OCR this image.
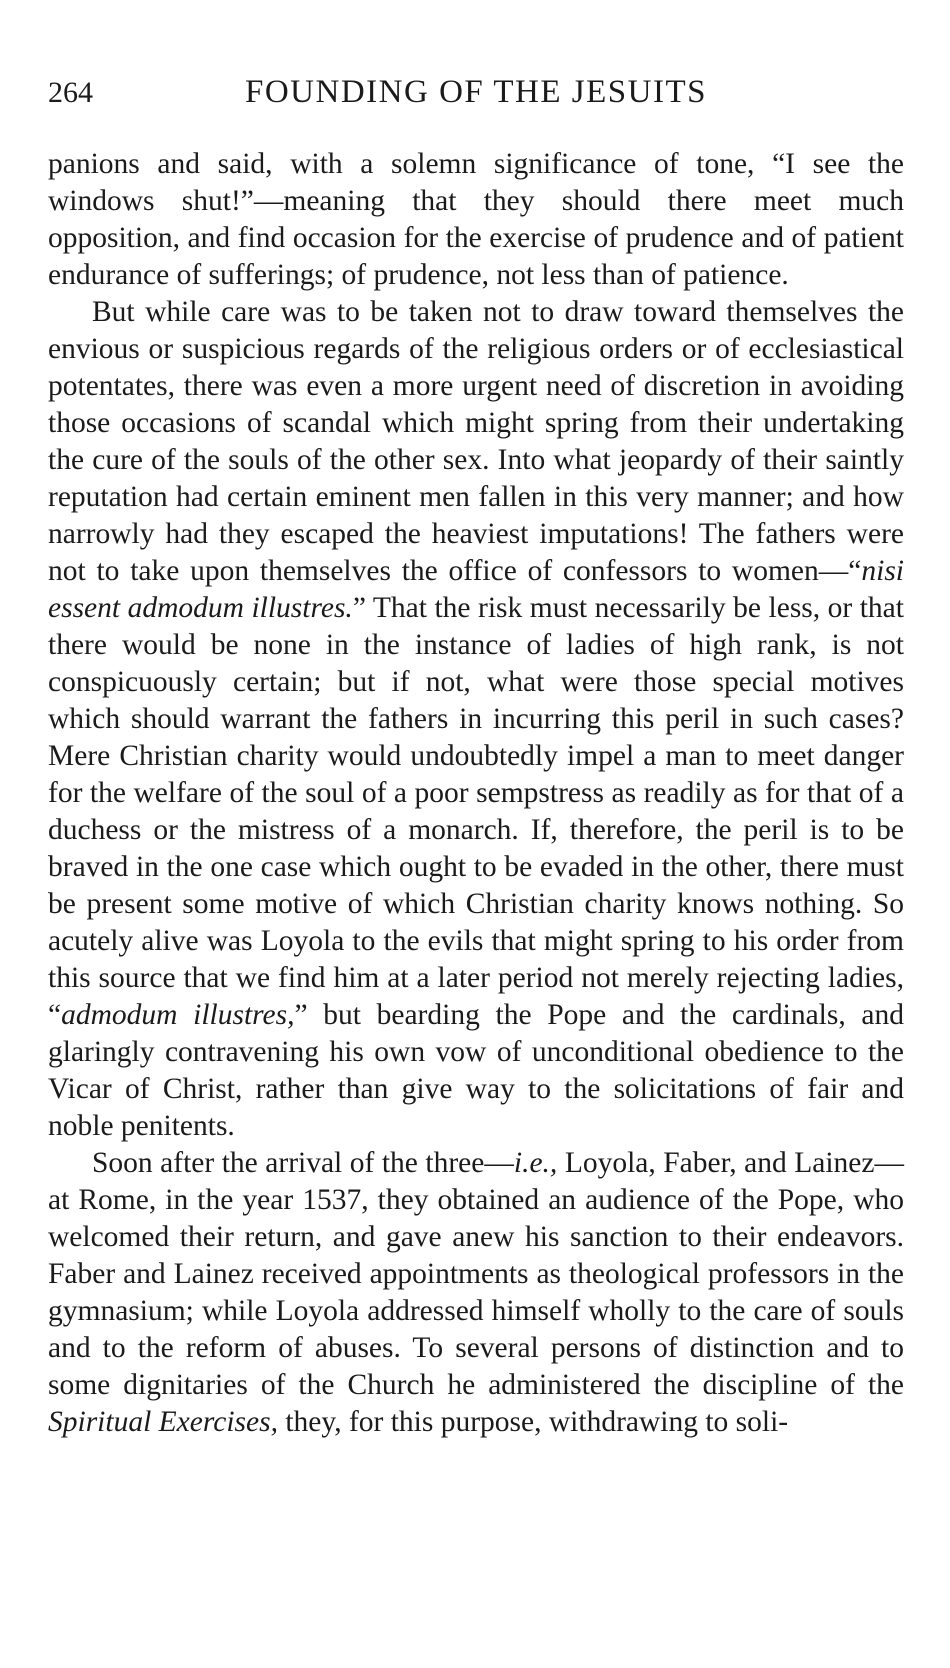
264	FOUNDING OF THE JESUITS

panions and said, with a solemn significance of tone, “I see the windows shut!”—meaning that they should there meet much opposition, and find occasion for the exercise of prudence and of patient endurance of sufferings; of prudence, not less than of patience.

But while care was to be taken not to draw toward themselves the envious or suspicious regards of the religious orders or of ecclesiastical potentates, there was even a more urgent need of discretion in avoiding those occasions of scandal which might spring from their undertaking the cure of the souls of the other sex. Into what jeopardy of their saintly reputation had certain eminent men fallen in this very manner; and how narrowly had they escaped the heaviest imputations! The fathers were not to take upon themselves the office of confessors to women—“nisi essent admodum illustres.” That the risk must necessarily be less, or that there would be none in the instance of ladies of high rank, is not conspicuously certain; but if not, what were those special motives which should warrant the fathers in incurring this peril in such cases? Mere Christian charity would undoubtedly impel a man to meet danger for the welfare of the soul of a poor sempstress as readily as for that of a duchess or the mistress of a monarch. If, therefore, the peril is to be braved in the one case which ought to be evaded in the other, there must be present some motive of which Christian charity knows nothing. So acutely alive was Loyola to the evils that might spring to his order from this source that we find him at a later period not merely rejecting ladies, “admodum illustres,” but bearding the Pope and the cardinals, and glaringly contravening his own vow of unconditional obedience to the Vicar of Christ, rather than give way to the solicitations of fair and noble penitents.

Soon after the arrival of the three—i.e., Loyola, Faber, and Lainez—at Rome, in the year 1537, they obtained an audience of the Pope, who welcomed their return, and gave anew his sanction to their endeavors. Faber and Lainez received appointments as theological professors in the gymnasium; while Loyola addressed himself wholly to the care of souls and to the reform of abuses. To several persons of distinction and to some dignitaries of the Church he administered the discipline of the Spiritual Exercises, they, for this purpose, withdrawing to soli-
